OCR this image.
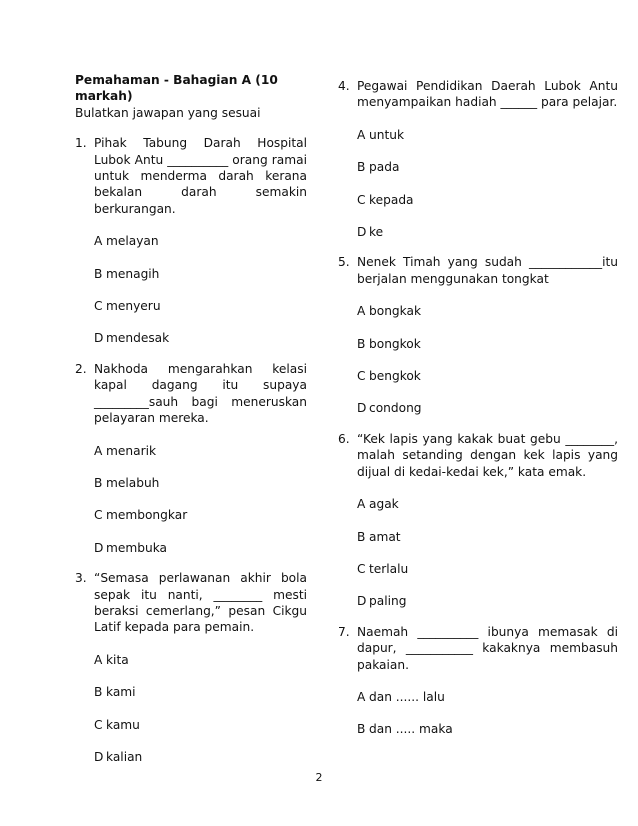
Pemahaman - Bahagian A (10 markah)
Bulatkan jawapan yang sesuai
1. Pihak Tabung Darah Hospital Lubok Antu __________ orang ramai untuk menderma darah kerana bekalan darah semakin berkurangan.
A melayan
B menagih
C menyeru
D mendesak
2. Nakhoda mengarahkan kelasi kapal dagang itu supaya _________sauh bagi meneruskan pelayaran mereka.
A menarik
B melabuh
C membongkar
D membuka
3. “Semasa perlawanan akhir bola sepak itu nanti, ________ mesti beraksi cemerlang,” pesan Cikgu Latif kepada para pemain.
A kita
B kami
C kamu
D kalian
4. Pegawai Pendidikan Daerah Lubok Antu menyampaikan hadiah ______ para pelajar.
A untuk
B pada
C kepada
D ke
5. Nenek Timah yang sudah ____________itu berjalan menggunakan tongkat
A bongkak
B bongkok
C bengkok
D condong
6. “Kek lapis yang kakak buat gebu ________, malah setanding dengan kek lapis yang dijual di kedai-kedai kek,” kata emak.
A agak
B amat
C terlalu
D paling
7. Naemah __________ ibunya memasak di dapur, ___________ kakaknya membasuh pakaian.
A dan ...... lalu
B dan ..... maka
2
